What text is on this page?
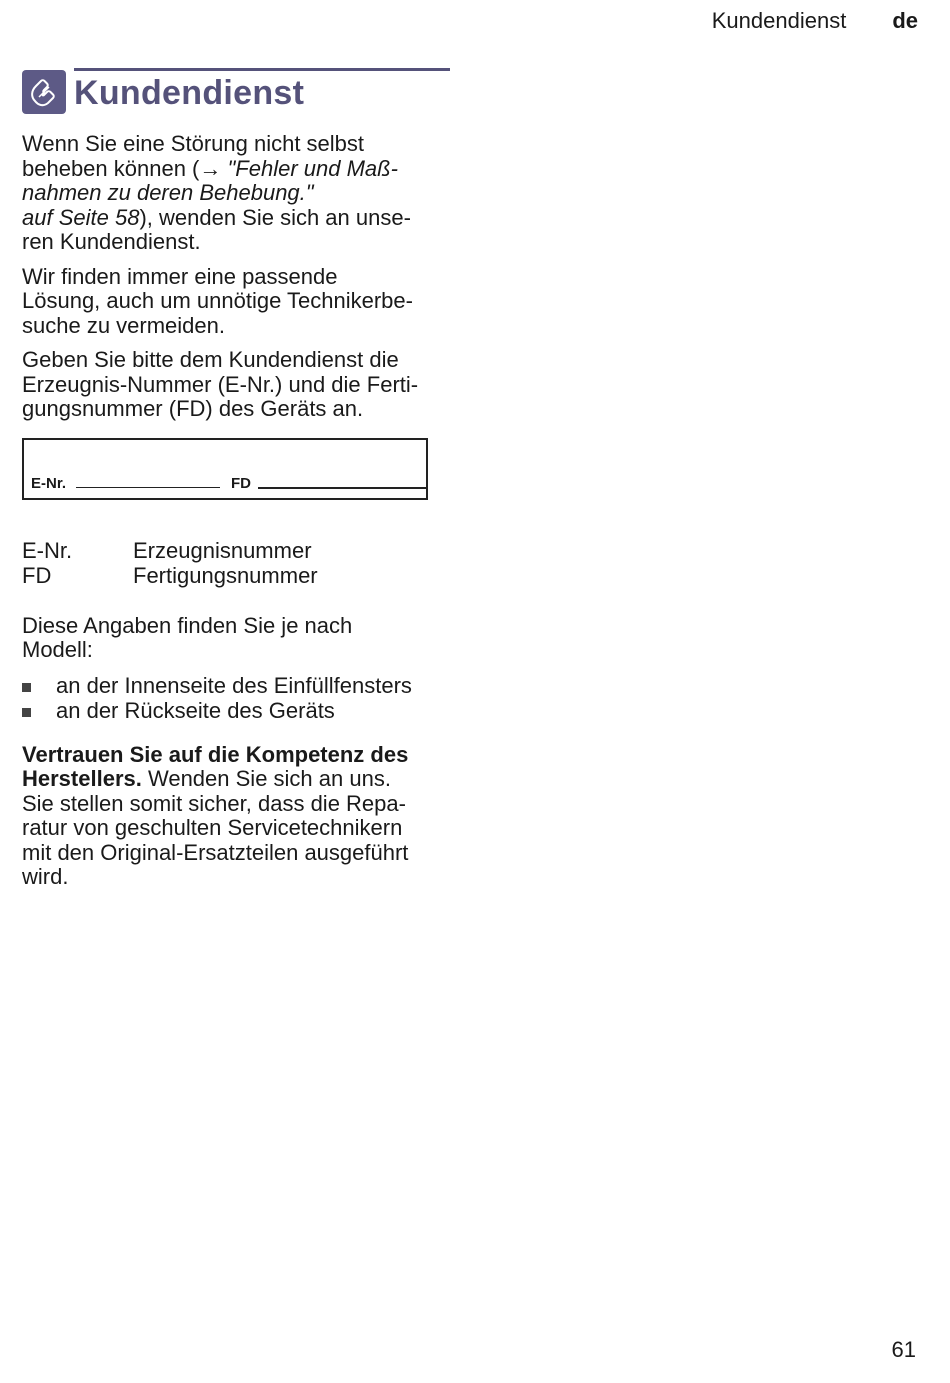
Kundendienst de
Kundendienst

Wenn Sie eine Störung nicht selbst
beheben können (→ "Fehler und Maß-
nahmen zu deren Behebung."
auf Seite 58), wenden Sie sich an unse-
ren Kundendienst.

Wir finden immer eine passende
Lösung, auch um unnötige Technikerbe-
suche zu vermeiden.

Geben Sie bitte dem Kundendienst die
Erzeugnis-Nummer (E-Nr.) und die Ferti-
gungsnummer (FD) des Geräts an.

E-Nr.	FD
E-Nr.	Erzeugnisnummer
FD	Fertigungsnummer

Diese Angaben finden Sie je nach
Modell:

an der Innenseite des Einfüllfensters
an der Rückseite des Geräts

Vertrauen Sie auf die Kompetenz des
Herstellers. Wenden Sie sich an uns.
Sie stellen somit sicher, dass die Repa-
ratur von geschulten Servicetechnikern
mit den Original-Ersatzteilen ausgeführt
wird.

61
